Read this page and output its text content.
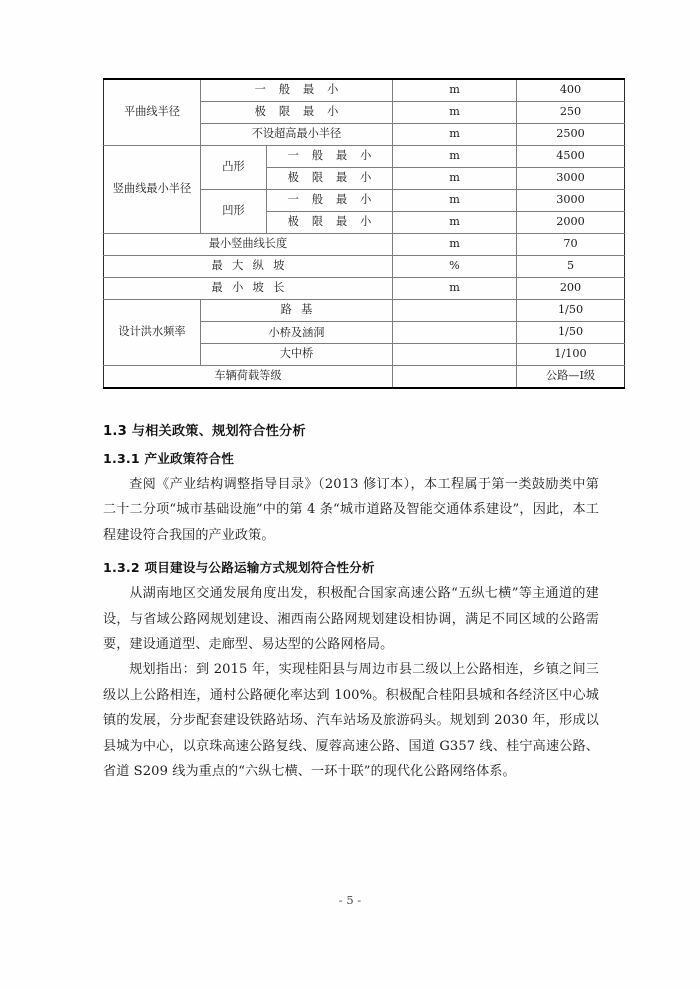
平曲线半径	一 般 最 小		m	400
	极 限 最 小		m	250
	不设超高最小半径		m	2500
竖曲线最小半径	凸形	一 般 最 小	m	4500
		极 限 最 小	m	3000
	凹形	一 般 最 小	m	3000
		极 限 最 小	m	2000
最小竖曲线长度			m	70
最 大 纵 坡			%	5
最 小 坡 长			m	200
设计洪水频率	路 基			1/50

	小桥及涵洞			1/50
	大中桥			1/100
车辆荷载等级				公路—Ⅰ级
1.3 与相关政策、规划符合性分析
1.3.1 产业政策符合性

查阅《产业结构调整指导目录》（2013 修订本），本工程属于第一类鼓励类中第二十二分项“城市基础设施”中的第 4 条“城市道路及智能交通体系建设”，因此，本工程建设符合我国的产业政策。

1.3.2 项目建设与公路运输方式规划符合性分析

从湖南地区交通发展角度出发，积极配合国家高速公路“五纵七横”等主通道的建设，与省域公路网规划建设、湘西南公路网规划建设相协调，满足不同区域的公路需要，建设通道型、走廊型、易达型的公路网格局。

规划指出：到 2015 年，实现桂阳县与周边市县二级以上公路相连，乡镇之间三级以上公路相连，通村公路硬化率达到 100%。积极配合桂阳县城和各经济区中心城镇的发展，分步配套建设铁路站场、汽车站场及旅游码头。规划到 2030 年，形成以县城为中心，以京珠高速公路复线、厦蓉高速公路、国道 G357 线、桂宁高速公路、省道 S209 线为重点的“六纵七横、一环十联”的现代化公路网络体系。

- 5 -
